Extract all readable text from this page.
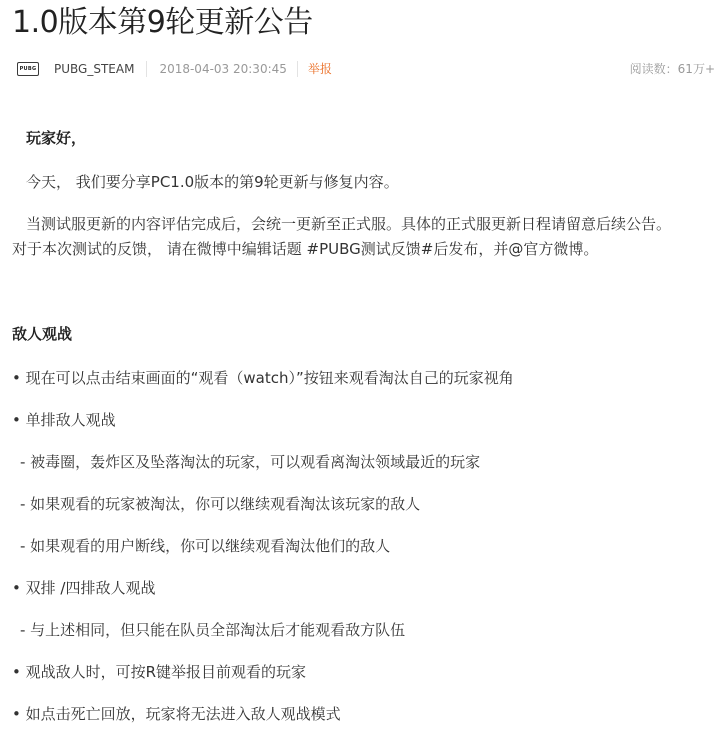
1.0版本第9轮更新公告
PUBG PUBG_STEAM	2018-04-03 20:30:45	举报	阅读数：61万+

玩家好，

今天， 我们要分享PC1.0版本的第9轮更新与修复内容。

当测试服更新的内容评估完成后，会统一更新至正式服。具体的正式服更新日程请留意后续公告。

对于本次测试的反馈， 请在微博中编辑话题 #PUBG测试反馈#后发布，并@官方微博。

敌人观战

• 现在可以点击结束画面的“观看（watch）”按钮来观看淘汰自己的玩家视角

• 单排敌人观战

- 被毒圈，轰炸区及坠落淘汰的玩家，可以观看离淘汰领域最近的玩家

- 如果观看的玩家被淘汰，你可以继续观看淘汰该玩家的敌人

- 如果观看的用户断线，你可以继续观看淘汰他们的敌人

• 双排 /四排敌人观战

- 与上述相同，但只能在队员全部淘汰后才能观看敌方队伍

• 观战敌人时，可按R键举报目前观看的玩家

• 如点击死亡回放，玩家将无法进入敌人观战模式
